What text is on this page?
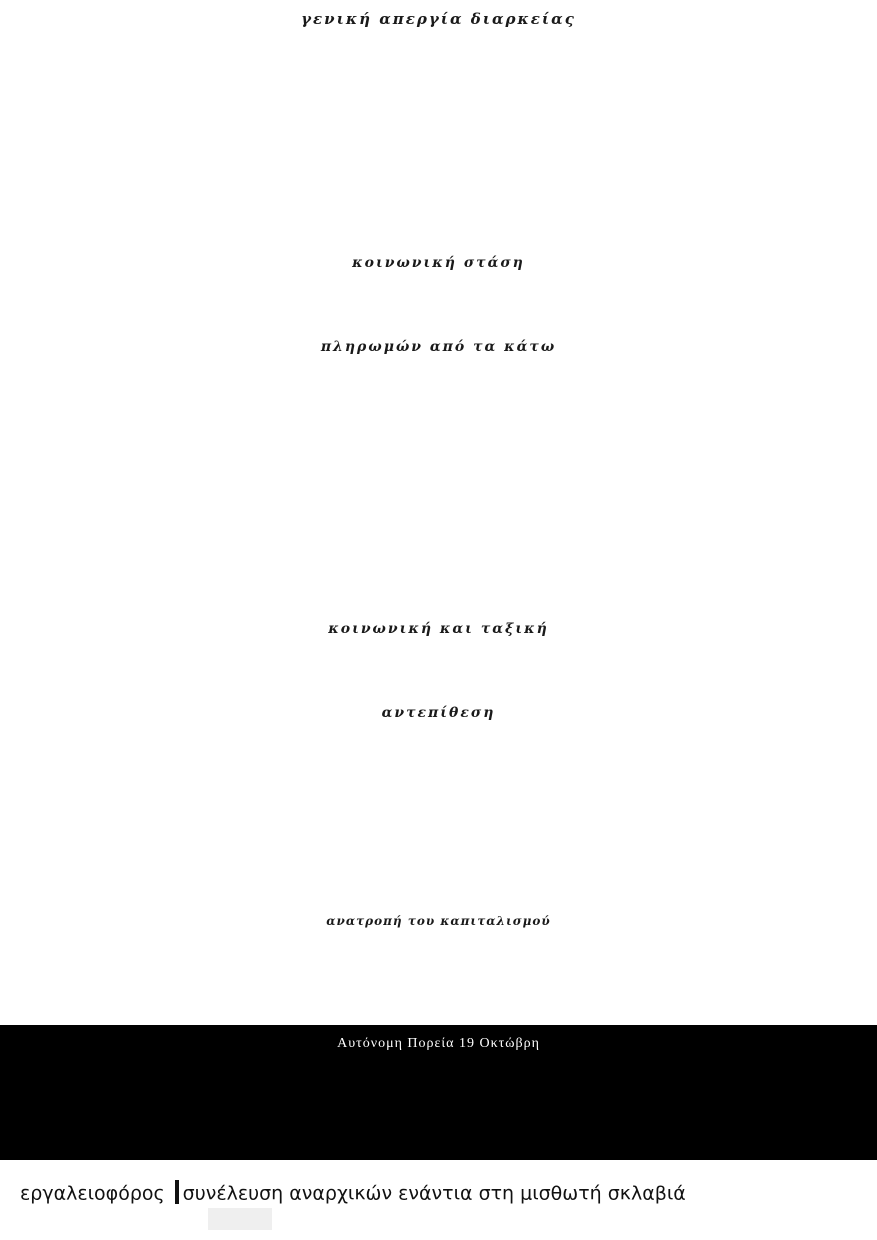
γενική απεργία διαρκείας
κοινωνική στάση
πληρωμών από τα κάτω
κοινωνική και ταξική
αντεπίθεση
ανατροπή του καπιταλισμού
Αυτόνομη Πορεία 19 Οκτώβρη
εργαλειοφόρος συνέλευση αναρχικών ενάντια στη μισθωτή σκλαβιά
